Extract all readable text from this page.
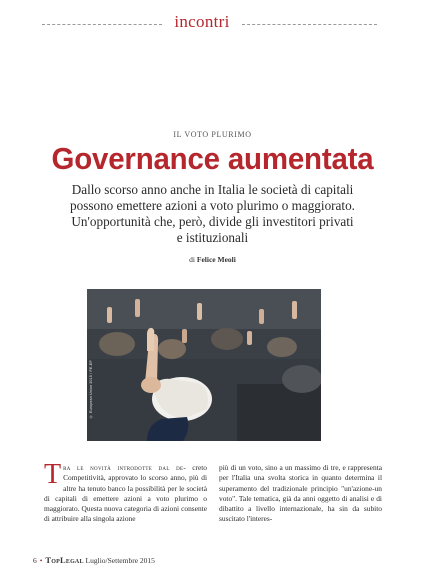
incontri
IL VOTO PLURIMO
Governance aumentata
Dallo scorso anno anche in Italia le società di capitali possono emettere azioni a voto plurimo o maggiorato. Un'opportunità che, però, divide gli investitori privati e istituzionali
di Felice Meoli
© European Union 2015 / PE-EP
Tra le novità introdotte dal de- creto Competitività, approvato lo scorso anno, più di altre ha tenuto banco la possibilità per le società di capitali di emettere azioni a voto plurimo o maggiorato. Questa nuova categoria di azioni consente di attribuire alla singola azione
più di un voto, sino a un massimo di tre, e rappresenta per l'Italia una svolta storica in quanto determina il superamento del tradizionale principio "un'azione-un voto". Tale tematica, già da anni oggetto di analisi e di dibattito a livello internazionale, ha sin da subito suscitato l'interes-
6 • TopLegal Luglio/Settembre 2015
